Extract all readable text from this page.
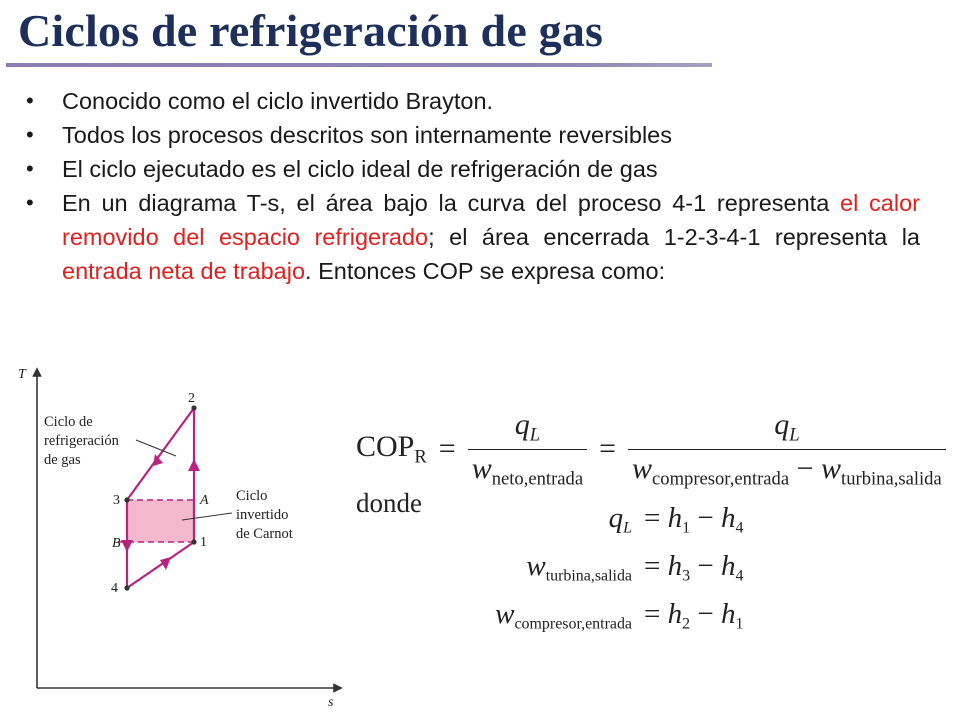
Ciclos de refrigeración de gas
• Conocido como el ciclo invertido Brayton.
• Todos los procesos descritos son internamente reversibles
• El ciclo ejecutado es el ciclo ideal de refrigeración de gas
• En un diagrama T-s, el área bajo la curva del proceso 4-1 representa el calor removido del espacio refrigerado; el área encerrada 1-2-3-4-1 representa la entrada neta de trabajo. Entonces COP se expresa como:
T
s
1
2
3
4
A
B
Ciclo de refrigeración de gas
Ciclo invertido de Carnot
$COP_R = \frac{q_L}{w_{neto,entrada}} = \frac{q_L}{w_{compresor,entrada} - w_{turbina,salida}}$
donde	$q_L = h_1 - h_4$
$w_{turbina,salida} = h_3 - h_4$
$w_{compresor,entrada} = h_2 - h_1$
